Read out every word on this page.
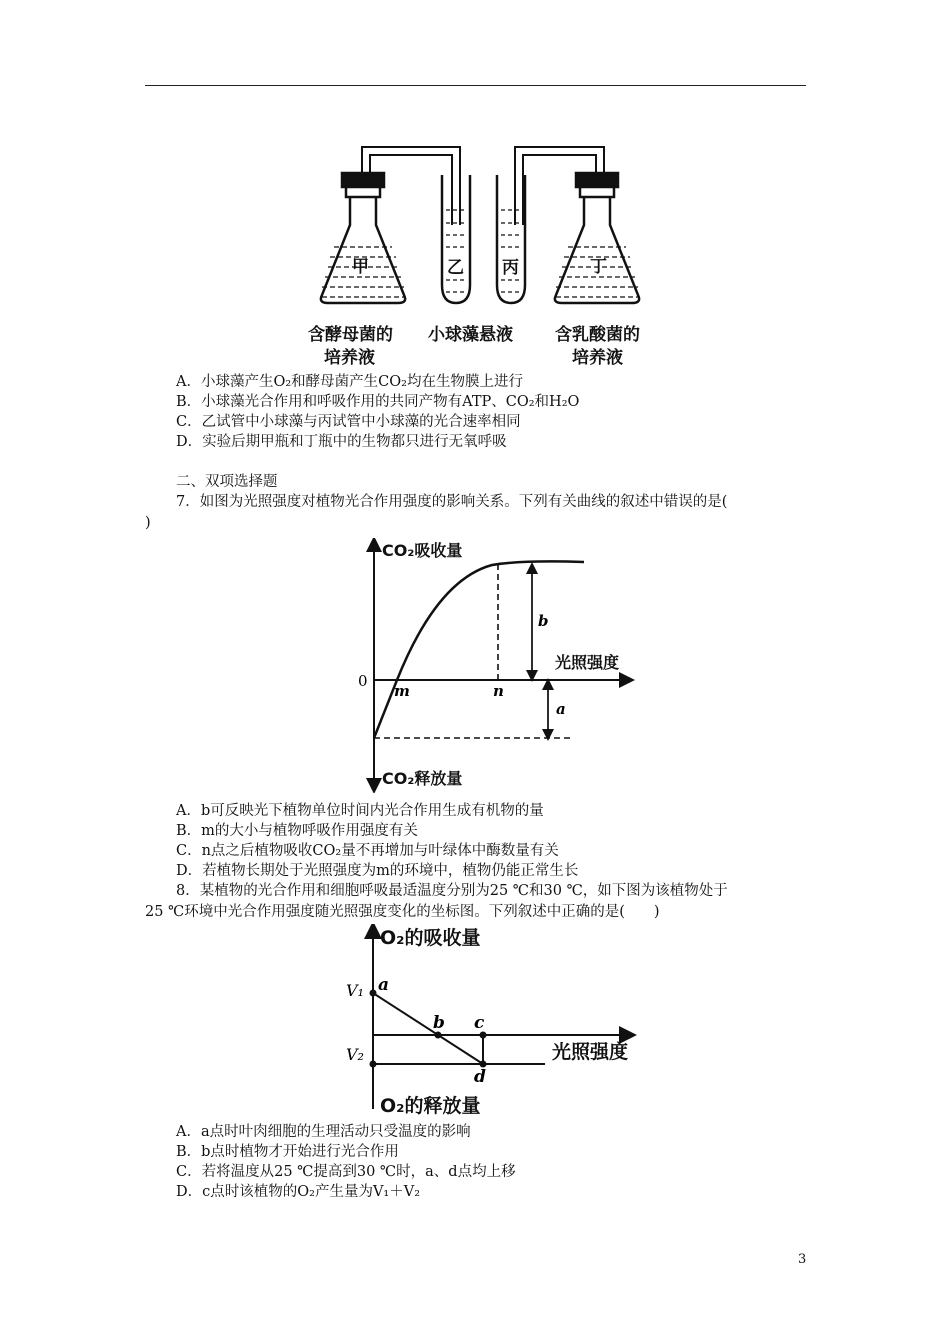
甲	乙 丙	丁
含酵母菌的
培养液
小球藻悬液 含乳酸菌的
培养液
A．小球藻产生O₂和酵母菌产生CO₂均在生物膜上进行
B．小球藻光合作用和呼吸作用的共同产物有ATP、CO₂和H₂O
C．乙试管中小球藻与丙试管中小球藻的光合速率相同
D．实验后期甲瓶和丁瓶中的生物都只进行无氧呼吸
二、双项选择题
7．如图为光照强度对植物光合作用强度的影响关系。下列有关曲线的叙述中错误的是(
)
CO₂吸收量
CO₂释放量
光照强度
0
m	n
b
a
A．b可反映光下植物单位时间内光合作用生成有机物的量
B．m的大小与植物呼吸作用强度有关
C．n点之后植物吸收CO₂量不再增加与叶绿体中酶数量有关
D．若植物长期处于光照强度为m的环境中，植物仍能正常生长
8．某植物的光合作用和细胞呼吸最适温度分别为25 ℃和30 ℃，如下图为该植物处于
25 ℃环境中光合作用强度随光照强度变化的坐标图。下列叙述中正确的是(　　)
O₂的吸收量
O₂的释放量
光照强度
V₁
V₂
a
b c
d
A．a点时叶肉细胞的生理活动只受温度的影响
B．b点时植物才开始进行光合作用
C．若将温度从25 ℃提高到30 ℃时，a、d点均上移
D．c点时该植物的O₂产生量为V₁＋V₂
3
